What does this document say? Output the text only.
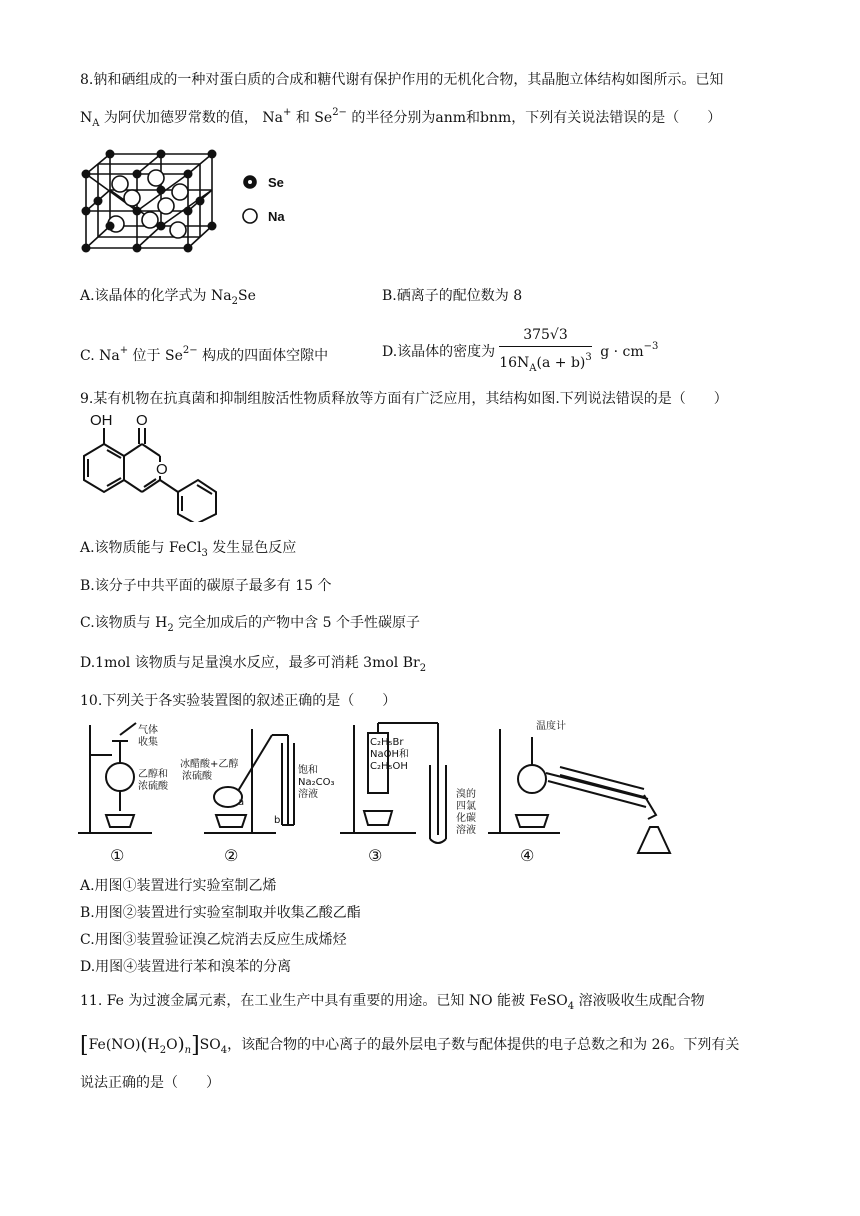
8.钠和硒组成的一种对蛋白质的合成和糖代谢有保护作用的无机化合物，其晶胞立体结构如图所示。已知
$N_A$ 为阿伏加德罗常数的值， Na+ 和 $Se^{2-}$ 的半径分别为anm和bnm，下列有关说法错误的是（　　）
Se
Na
A.该晶体的化学式为 $Na_2Se$	B.硒离子的配位数为 8
C. Na+ 位于 $Se^{2-}$ 构成的四面体空隙中	D.该晶体的密度为 $\frac{375√3}{16N_A(a + b)^3}$ $g \cdot cm^{-3}$
9.某有机物在抗真菌和抑制组胺活性物质释放等方面有广泛应用，其结构如图.下列说法错误的是（　　）
OH O
O
A.该物质能与 FeCl$_3$ 发生显色反应
B.该分子中共平面的碳原子最多有 15 个
C.该物质与 $H_2$ 完全加成后的产物中含 5 个手性碳原子
D.1mol 该物质与足量溴水反应，最多可消耗 3mol $Br_2$
10.下列关于各实验装置图的叙述正确的是（　　）
气体
收集
乙醇和
浓硫酸
冰醋酸+乙醇
浓硫酸
饱和
Na₂CO₃
溶液
a
b
C₂H₅Br
NaOH和
C₂H₅OH
溴的
四氯
化碳
溶液
温度计
①	②	③	④
A.用图①装置进行实验室制乙烯
B.用图②装置进行实验室制取并收集乙酸乙酯
C.用图③装置验证溴乙烷消去反应生成烯烃
D.用图④装置进行苯和溴苯的分离
11. Fe 为过渡金属元素，在工业生产中具有重要的用途。已知 NO 能被 FeSO$_4$ 溶液吸收生成配合物
$[Fe(NO)(H_2O)_n]SO_4$，该配合物的中心离子的最外层电子数与配体提供的电子总数之和为 26。下列有关
说法正确的是（　　）
